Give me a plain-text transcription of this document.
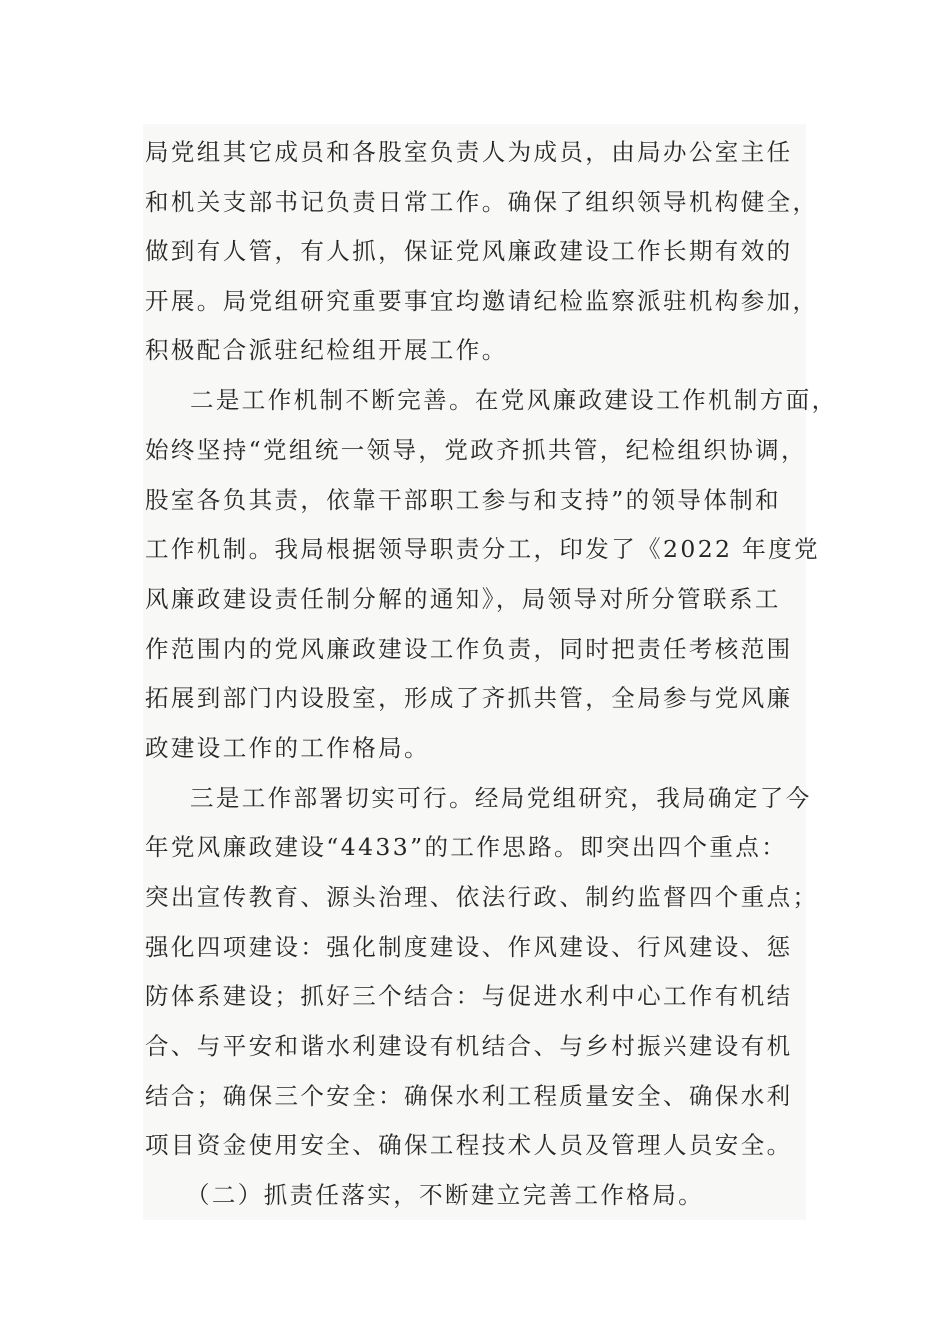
局党组其它成员和各股室负责人为成员，由局办公室主任
和机关支部书记负责日常工作。确保了组织领导机构健全，
做到有人管，有人抓，保证党风廉政建设工作长期有效的
开展。局党组研究重要事宜均邀请纪检监察派驻机构参加，
积极配合派驻纪检组开展工作。
二是工作机制不断完善。在党风廉政建设工作机制方面，
始终坚持“党组统一领导，党政齐抓共管，纪检组织协调，
股室各负其责，依靠干部职工参与和支持”的领导体制和
工作机制。我局根据领导职责分工，印发了《2022 年度党
风廉政建设责任制分解的通知》，局领导对所分管联系工
作范围内的党风廉政建设工作负责，同时把责任考核范围
拓展到部门内设股室，形成了齐抓共管，全局参与党风廉
政建设工作的工作格局。
三是工作部署切实可行。经局党组研究，我局确定了今
年党风廉政建设“4433”的工作思路。即突出四个重点：
突出宣传教育、源头治理、依法行政、制约监督四个重点；
强化四项建设：强化制度建设、作风建设、行风建设、惩
防体系建设；抓好三个结合：与促进水利中心工作有机结
合、与平安和谐水利建设有机结合、与乡村振兴建设有机
结合；确保三个安全：确保水利工程质量安全、确保水利
项目资金使用安全、确保工程技术人员及管理人员安全。
（二）抓责任落实，不断建立完善工作格局。
